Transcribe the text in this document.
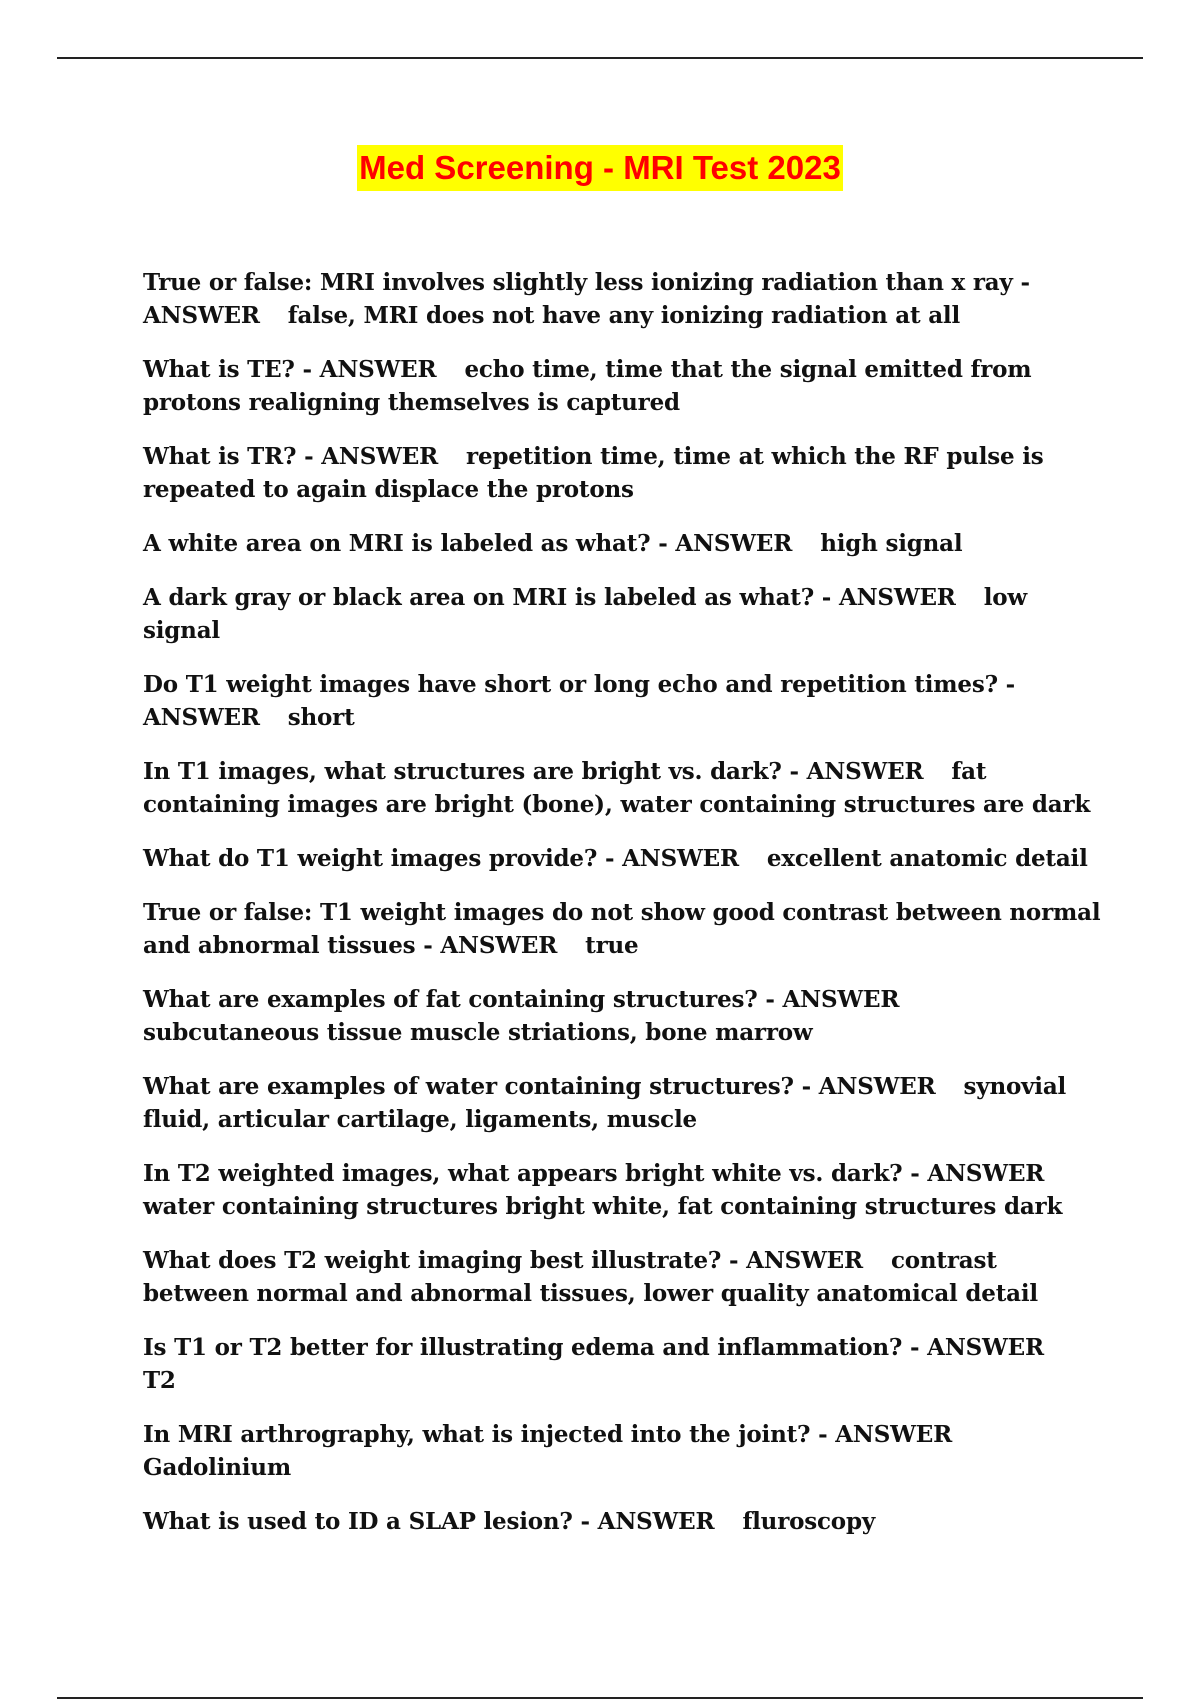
Med Screening - MRI Test 2023
True or false: MRI involves slightly less ionizing radiation than x ray - ANSWER false, MRI does not have any ionizing radiation at all
What is TE? - ANSWER echo time, time that the signal emitted from protons realigning themselves is captured
What is TR? - ANSWER repetition time, time at which the RF pulse is repeated to again displace the protons
A white area on MRI is labeled as what? - ANSWER high signal
A dark gray or black area on MRI is labeled as what? - ANSWER low signal
Do T1 weight images have short or long echo and repetition times? - ANSWER short
In T1 images, what structures are bright vs. dark? - ANSWER fat containing images are bright (bone), water containing structures are dark
What do T1 weight images provide? - ANSWER excellent anatomic detail
True or false: T1 weight images do not show good contrast between normal and abnormal tissues - ANSWER true
What are examples of fat containing structures? - ANSWERsubcutaneous tissue muscle striations, bone marrow
What are examples of water containing structures? - ANSWER synovial fluid, articular cartilage, ligaments, muscle
In T2 weighted images, what appears bright white vs. dark? - ANSWERwater containing structures bright white, fat containing structures dark
What does T2 weight imaging best illustrate? - ANSWER contrast between normal and abnormal tissues, lower quality anatomical detail
Is T1 or T2 better for illustrating edema and inflammation? - ANSWERT2
In MRI arthrography, what is injected into the joint? - ANSWERGadolinium
What is used to ID a SLAP lesion? - ANSWER fluroscopy
